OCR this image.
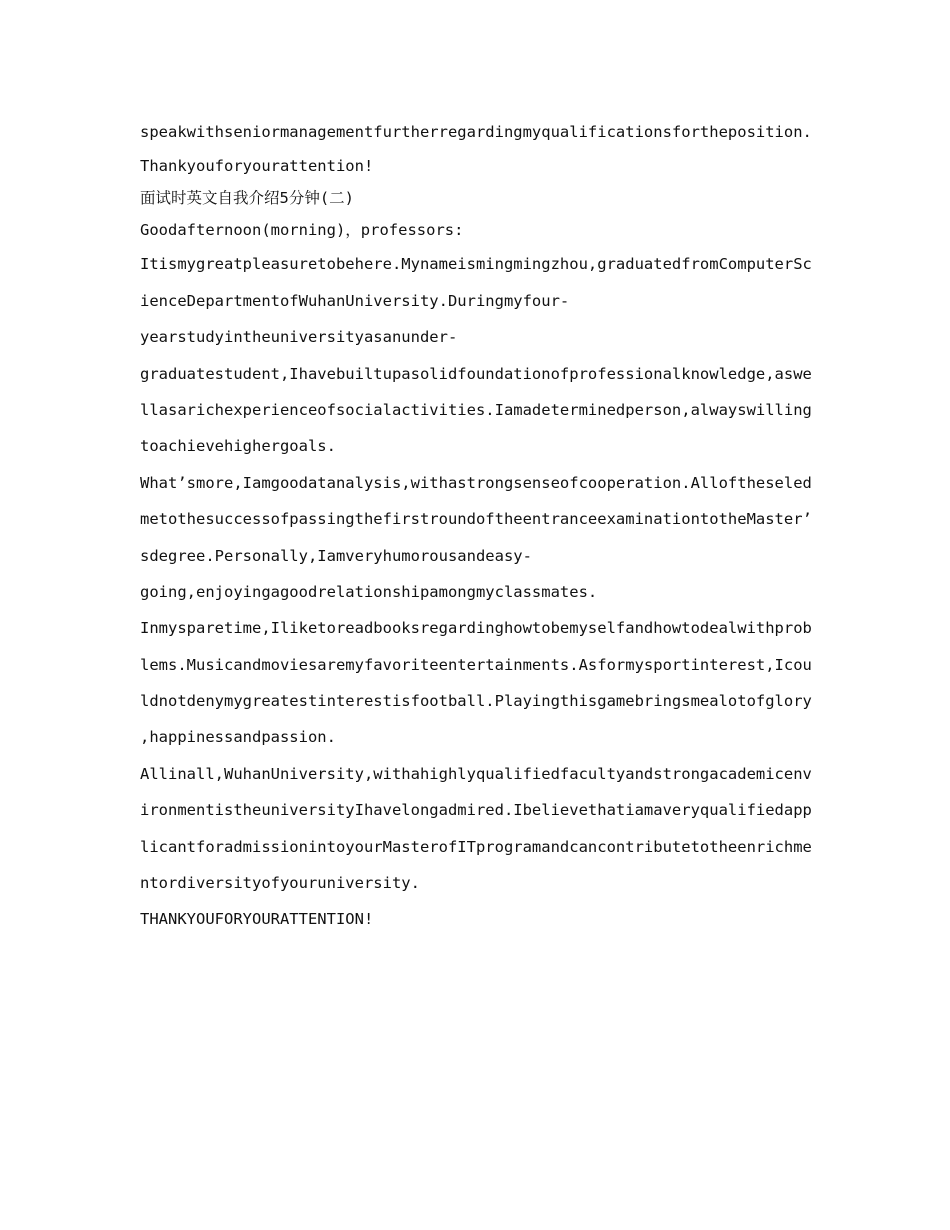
speakwithseniormanagementfurtherregardingmyqualificationsfortheposition.
Thankyouforyourattention!
面试时英文自我介绍5分钟(二)
Goodafternoon(morning)，professors:
Itismygreatpleasuretobehere.Mynameismingmingzhou,graduatedfromComputerSc
ienceDepartmentofWuhanUniversity.Duringmyfour-
yearstudyintheuniversityasanunder-
graduatestudent,Ihavebuiltupasolidfoundationofprofessionalknowledge,aswe
llasarichexperienceofsocialactivities.Iamadeterminedperson,alwayswilling
toachievehighergoals.
What’smore,Iamgoodatanalysis,withastrongsenseofcooperation.Alloftheseled
metothesuccessofpassingthefirstroundoftheentranceexaminationtotheMaster’
sdegree.Personally,Iamveryhumorousandeasy-
going,enjoyingagoodrelationshipamongmyclassmates.
Inmysparetime,Iliketoreadbooksregardinghowtobemyselfandhowtodealwithprob
lems.Musicandmoviesaremyfavoriteentertainments.Asformysportinterest,Icou
ldnotdenymygreatestinterestisfootball.Playingthisgamebringsmealotofglory
,happinessandpassion.
Allinall,WuhanUniversity,withahighlyqualifiedfacultyandstrongacademicenv
ironmentistheuniversityIhavelongadmired.Ibelievethatiamaveryqualifiedapp
licantforadmissionintoyourMasterofITprogramandcancontributetotheenrichme
ntordiversityofyouruniversity.
THANKYOUFORYOURATTENTION!
